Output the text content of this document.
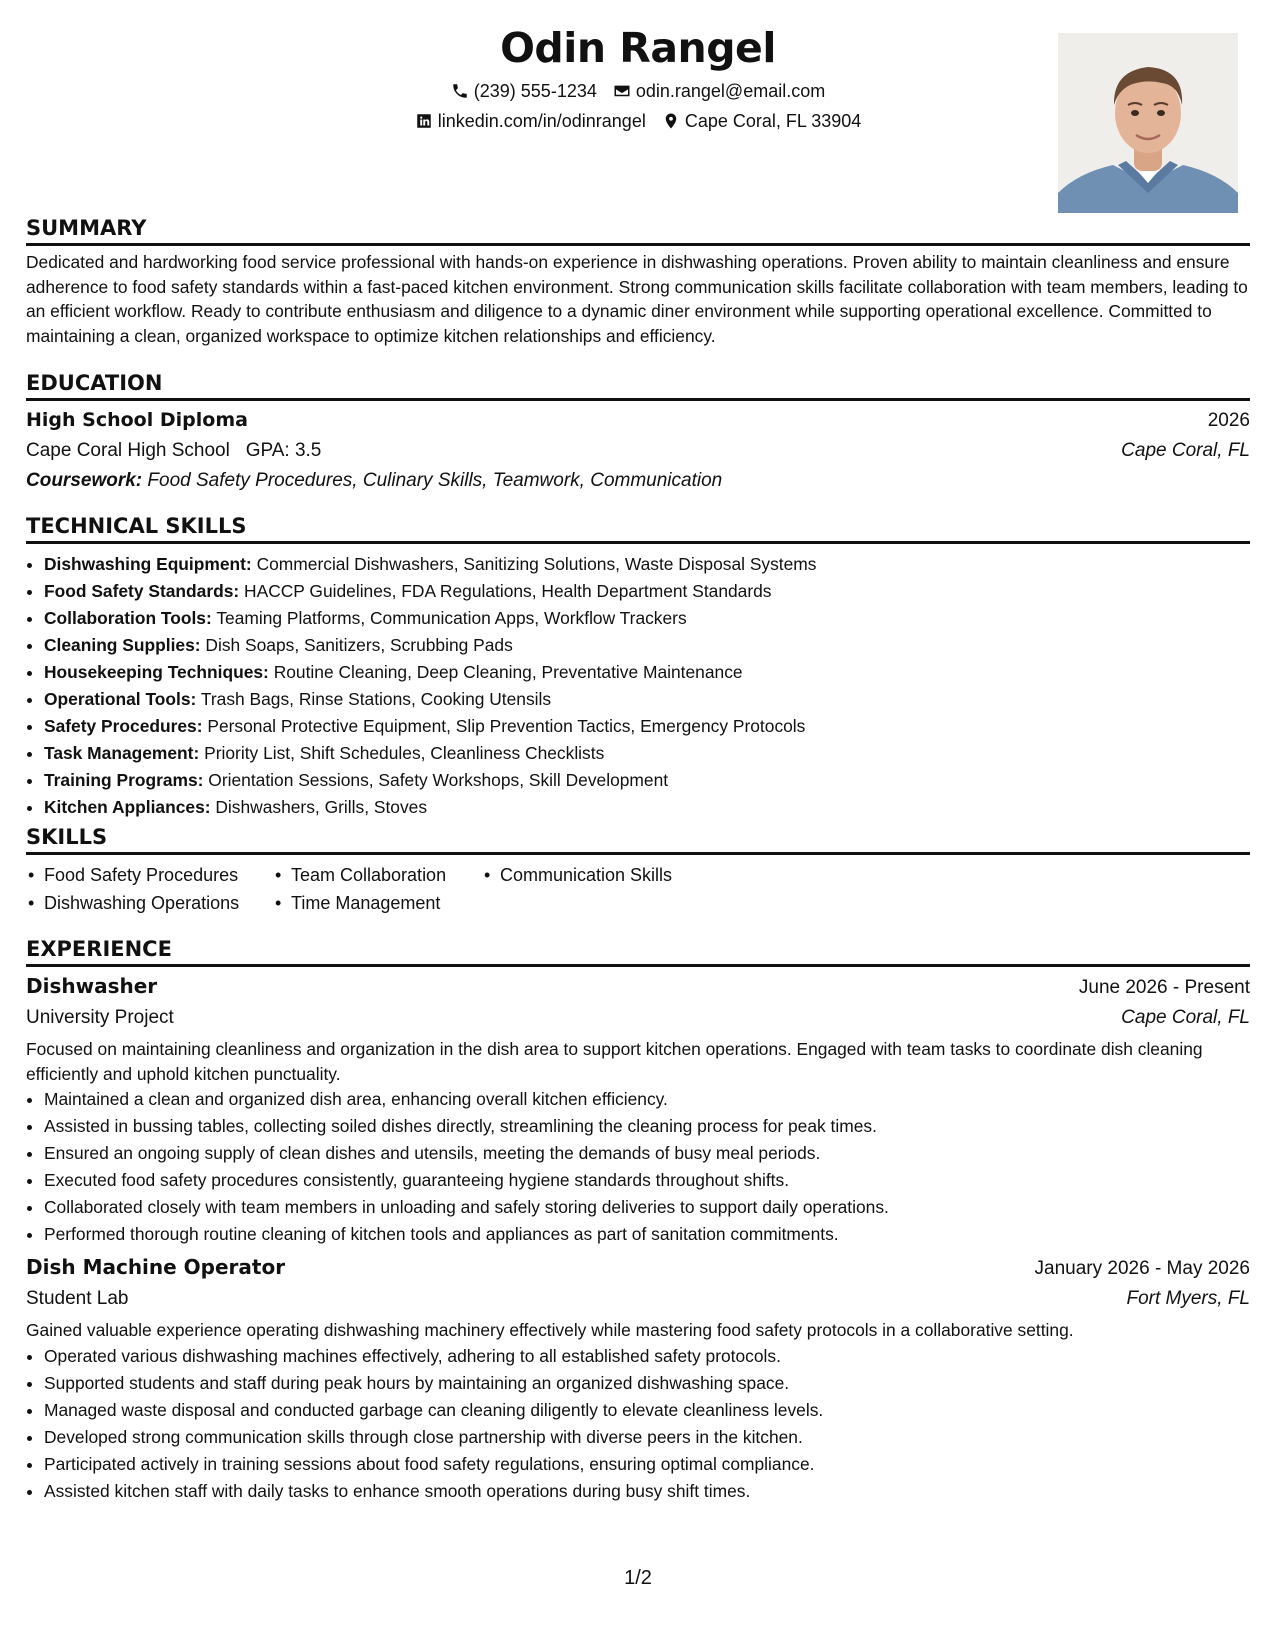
Odin Rangel
(239) 555-1234 odin.rangel@email.com
linkedin.com/in/odinrangel Cape Coral, FL 33904
SUMMARY

Dedicated and hardworking food service professional with hands-on experience in dishwashing operations. Proven ability to maintain cleanliness and ensure adherence to food safety standards within a fast-paced kitchen environment. Strong communication skills facilitate collaboration with team members, leading to an efficient workflow. Ready to contribute enthusiasm and diligence to a dynamic diner environment while supporting operational excellence. Committed to maintaining a clean, organized workspace to optimize kitchen relationships and efficiency.

EDUCATION
High School Diploma	2026
Cape Coral High School GPA: 3.5	Cape Coral, FL
Coursework: Food Safety Procedures, Culinary Skills, Teamwork, Communication
TECHNICAL SKILLS
• Dishwashing Equipment: Commercial Dishwashers, Sanitizing Solutions, Waste Disposal Systems
• Food Safety Standards: HACCP Guidelines, FDA Regulations, Health Department Standards
• Collaboration Tools: Teaming Platforms, Communication Apps, Workflow Trackers
• Cleaning Supplies: Dish Soaps, Sanitizers, Scrubbing Pads
• Housekeeping Techniques: Routine Cleaning, Deep Cleaning, Preventative Maintenance
• Operational Tools: Trash Bags, Rinse Stations, Cooking Utensils
• Safety Procedures: Personal Protective Equipment, Slip Prevention Tactics, Emergency Protocols
• Task Management: Priority List, Shift Schedules, Cleanliness Checklists
• Training Programs: Orientation Sessions, Safety Workshops, Skill Development
• Kitchen Appliances: Dishwashers, Grills, Stoves
SKILLS
• Food Safety Procedures	• Team Collaboration	• Communication Skills
• Dishwashing Operations	• Time Management
EXPERIENCE
Dishwasher	June 2026 - Present
University Project	Cape Coral, FL

Focused on maintaining cleanliness and organization in the dish area to support kitchen operations. Engaged with team tasks to coordinate dish cleaning efficiently and uphold kitchen punctuality.

• Maintained a clean and organized dish area, enhancing overall kitchen efficiency.
• Assisted in bussing tables, collecting soiled dishes directly, streamlining the cleaning process for peak times.
• Ensured an ongoing supply of clean dishes and utensils, meeting the demands of busy meal periods.
• Executed food safety procedures consistently, guaranteeing hygiene standards throughout shifts.
• Collaborated closely with team members in unloading and safely storing deliveries to support daily operations.
• Performed thorough routine cleaning of kitchen tools and appliances as part of sanitation commitments.
Dish Machine Operator	January 2026 - May 2026
Student Lab	Fort Myers, FL

Gained valuable experience operating dishwashing machinery effectively while mastering food safety protocols in a collaborative setting.

• Operated various dishwashing machines effectively, adhering to all established safety protocols.
• Supported students and staff during peak hours by maintaining an organized dishwashing space.
• Managed waste disposal and conducted garbage can cleaning diligently to elevate cleanliness levels.
• Developed strong communication skills through close partnership with diverse peers in the kitchen.
• Participated actively in training sessions about food safety regulations, ensuring optimal compliance.
• Assisted kitchen staff with daily tasks to enhance smooth operations during busy shift times.
1/2
